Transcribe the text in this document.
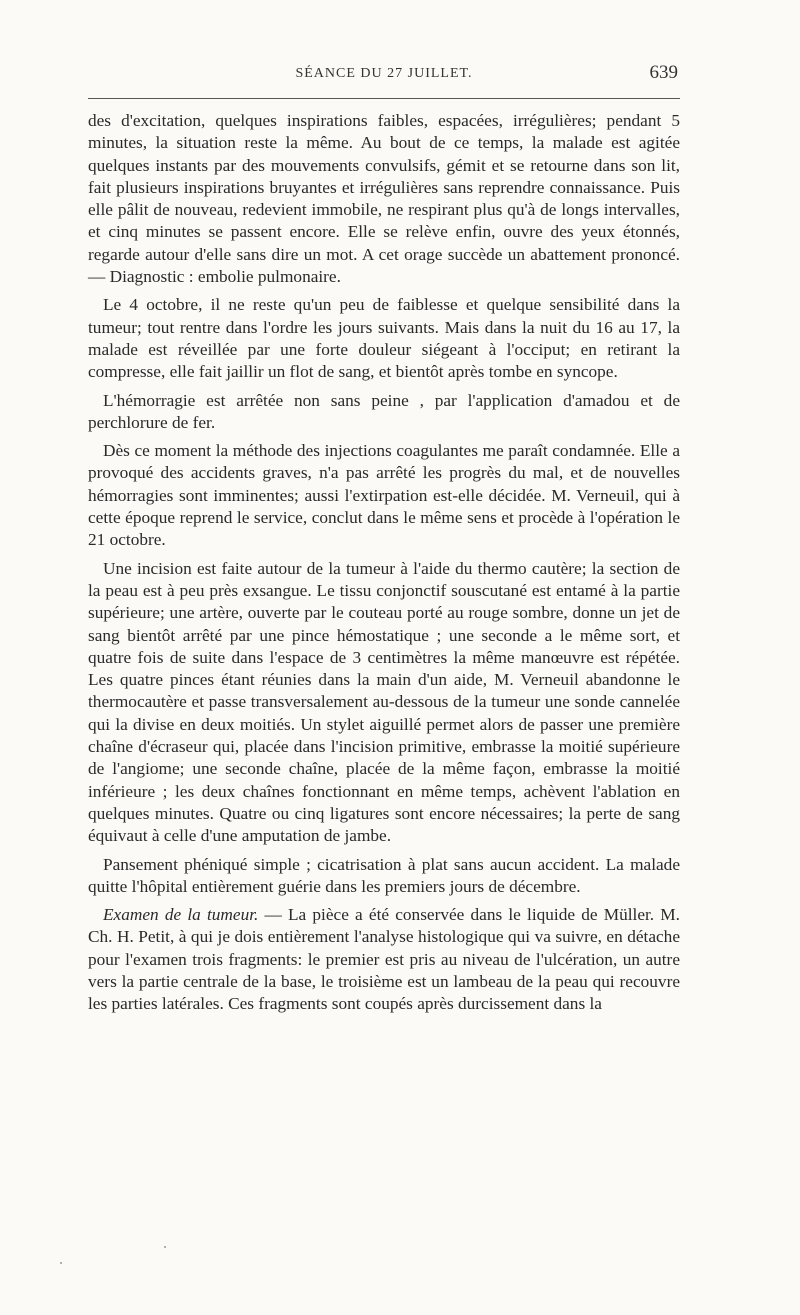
SÉANCE DU 27 JUILLET.	639

des d'excitation, quelques inspirations faibles, espacées, irrégulières; pendant 5 minutes, la situation reste la même. Au bout de ce temps, la malade est agitée quelques instants par des mouvements convulsifs, gémit et se retourne dans son lit, fait plusieurs inspirations bruyantes et irrégulières sans reprendre connaissance. Puis elle pâlit de nouveau, redevient immobile, ne respirant plus qu'à de longs intervalles, et cinq minutes se passent encore. Elle se relève enfin, ouvre des yeux étonnés, regarde autour d'elle sans dire un mot. A cet orage succède un abattement prononcé. — Diagnostic : embolie pulmonaire.

Le 4 octobre, il ne reste qu'un peu de faiblesse et quelque sensibilité dans la tumeur; tout rentre dans l'ordre les jours suivants. Mais dans la nuit du 16 au 17, la malade est réveillée par une forte douleur siégeant à l'occiput; en retirant la compresse, elle fait jaillir un flot de sang, et bientôt après tombe en syncope.

L'hémorragie est arrêtée non sans peine , par l'application d'amadou et de perchlorure de fer.

Dès ce moment la méthode des injections coagulantes me paraît condamnée. Elle a provoqué des accidents graves, n'a pas arrêté les progrès du mal, et de nouvelles hémorragies sont imminentes; aussi l'extirpation est-elle décidée. M. Verneuil, qui à cette époque reprend le service, conclut dans le même sens et procède à l'opération le 21 octobre.

Une incision est faite autour de la tumeur à l'aide du thermo cautère; la section de la peau est à peu près exsangue. Le tissu conjonctif souscutané est entamé à la partie supérieure; une artère, ouverte par le couteau porté au rouge sombre, donne un jet de sang bientôt arrêté par une pince hémostatique ; une seconde a le même sort, et quatre fois de suite dans l'espace de 3 centimètres la même manœuvre est répétée. Les quatre pinces étant réunies dans la main d'un aide, M. Verneuil abandonne le thermocautère et passe transversalement au-dessous de la tumeur une sonde cannelée qui la divise en deux moitiés. Un stylet aiguillé permet alors de passer une première chaîne d'écraseur qui, placée dans l'incision primitive, embrasse la moitié supérieure de l'angiome; une seconde chaîne, placée de la même façon, embrasse la moitié inférieure ; les deux chaînes fonctionnant en même temps, achèvent l'ablation en quelques minutes. Quatre ou cinq ligatures sont encore nécessaires; la perte de sang équivaut à celle d'une amputation de jambe.

Pansement phéniqué simple ; cicatrisation à plat sans aucun accident. La malade quitte l'hôpital entièrement guérie dans les premiers jours de décembre.

Examen de la tumeur. — La pièce a été conservée dans le liquide de Müller. M. Ch. H. Petit, à qui je dois entièrement l'analyse histologique qui va suivre, en détache pour l'examen trois fragments: le premier est pris au niveau de l'ulcération, un autre vers la partie centrale de la base, le troisième est un lambeau de la peau qui recouvre les parties latérales. Ces fragments sont coupés après durcissement dans la
